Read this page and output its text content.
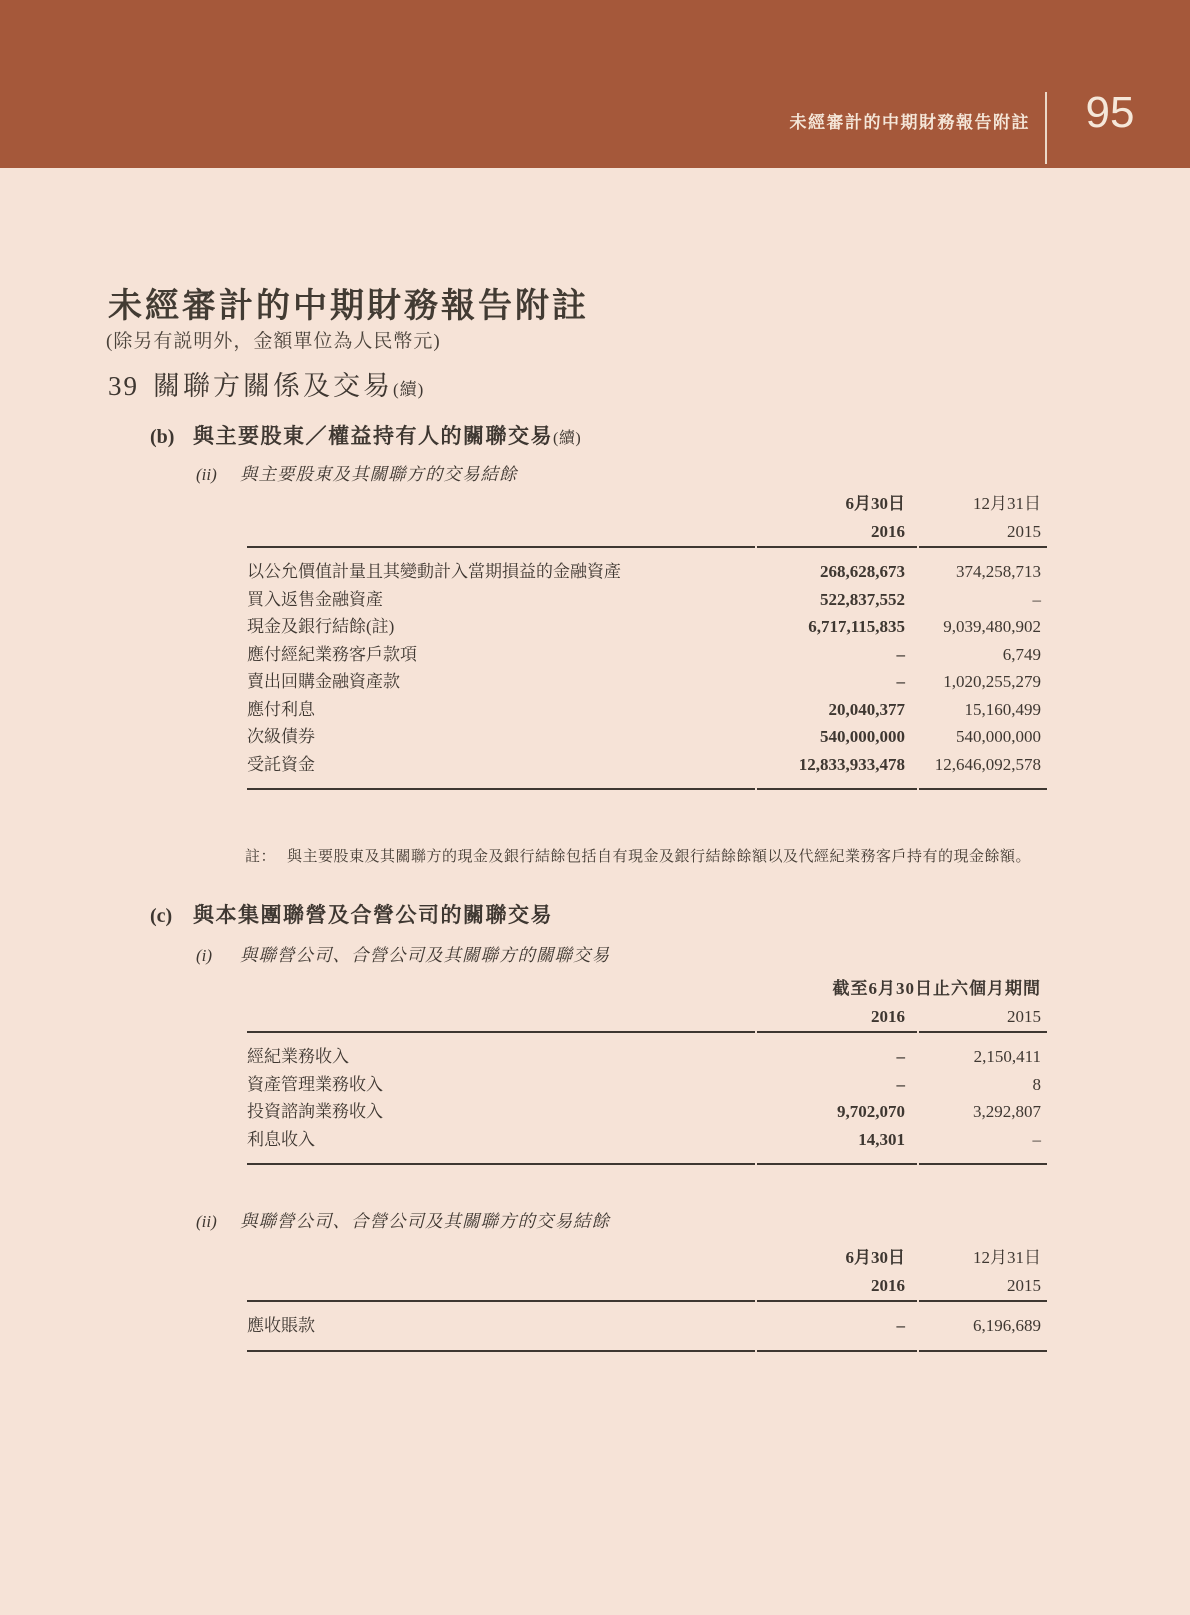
未經審計的中期財務報告附註	95
未經審計的中期財務報告附註
(除另有説明外，金額單位為人民幣元)
39 關聯方關係及交易(續)
(b) 與主要股東／權益持有人的關聯交易(續)
(ii) 與主要股東及其關聯方的交易結餘
	6月30日	12月31日
	2016	2015
以公允價值計量且其變動計入當期損益的金融資產	268,628,673	374,258,713
買入返售金融資產	522,837,552	–
現金及銀行結餘(註)	6,717,115,835	9,039,480,902
應付經紀業務客戶款項	–	6,749
賣出回購金融資產款	–	1,020,255,279
應付利息	20,040,377	15,160,499
次級債券	540,000,000	540,000,000
受託資金	12,833,933,478	12,646,092,578
註： 與主要股東及其關聯方的現金及銀行結餘包括自有現金及銀行結餘餘額以及代經紀業務客戶持有的現金餘額。
(c) 與本集團聯營及合營公司的關聯交易
(i) 與聯營公司、合營公司及其關聯方的關聯交易
	截至6月30日止六個月期間	
	2016	2015
經紀業務收入	–	2,150,411
資產管理業務收入	–	8
投資諮詢業務收入	9,702,070	3,292,807
利息收入	14,301	–
(ii) 與聯營公司、合營公司及其關聯方的交易結餘
	6月30日	12月31日
	2016	2015
應收賬款	–	6,196,689
